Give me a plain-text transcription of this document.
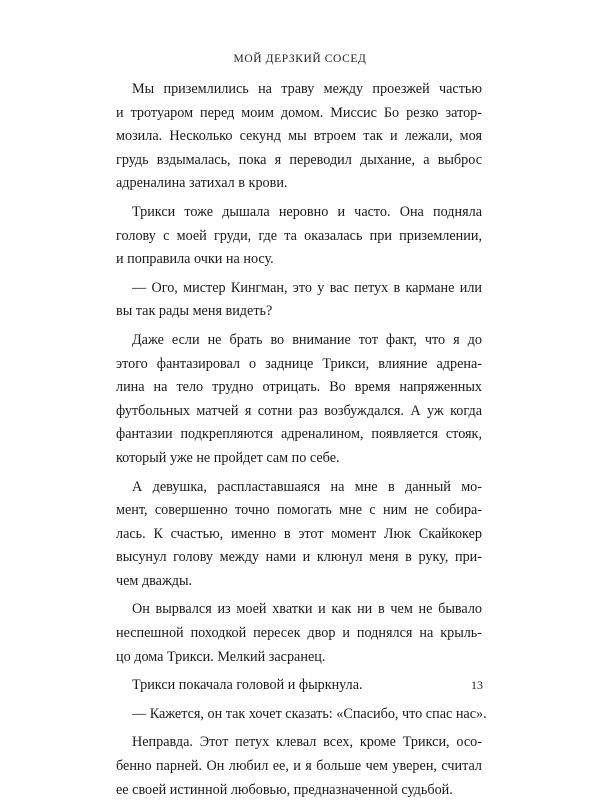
МОЙ ДЕРЗКИЙ СОСЕД
Мы приземлились на траву между проезжей частью
и тротуаром перед моим домом. Миссис Бо резко затор-
мозила. Несколько секунд мы втроем так и лежали, моя
грудь вздымалась, пока я переводил дыхание, а выброс
адреналина затихал в крови.
Трикси тоже дышала неровно и часто. Она подняла
голову с моей груди, где та оказалась при приземлении,
и поправила очки на носу.
— Ого, мистер Кингман, это у вас петух в кармане или
вы так рады меня видеть?
Даже если не брать во внимание тот факт, что я до
этого фантазировал о заднице Трикси, влияние адрена-
лина на тело трудно отрицать. Во время напряженных
футбольных матчей я сотни раз возбуждался. А уж когда
фантазии подкрепляются адреналином, появляется стояк,
который уже не пройдет сам по себе.
А девушка, распластавшаяся на мне в данный мо-
мент, совершенно точно помогать мне с ним не собира-
лась. К счастью, именно в этот момент Люк Скайкокер
высунул голову между нами и клюнул меня в руку, при-
чем дважды.
Он вырвался из моей хватки и как ни в чем не бывало
неспешной походкой пересек двор и поднялся на крыль-
цо дома Трикси. Мелкий засранец.
Трикси покачала головой и фыркнула.
— Кажется, он так хочет сказать: «Спасибо, что спас нас».
Неправда. Этот петух клевал всех, кроме Трикси, осо-
бенно парней. Он любил ее, и я больше чем уверен, считал
ее своей истинной любовью, предназначенной судьбой.
13
